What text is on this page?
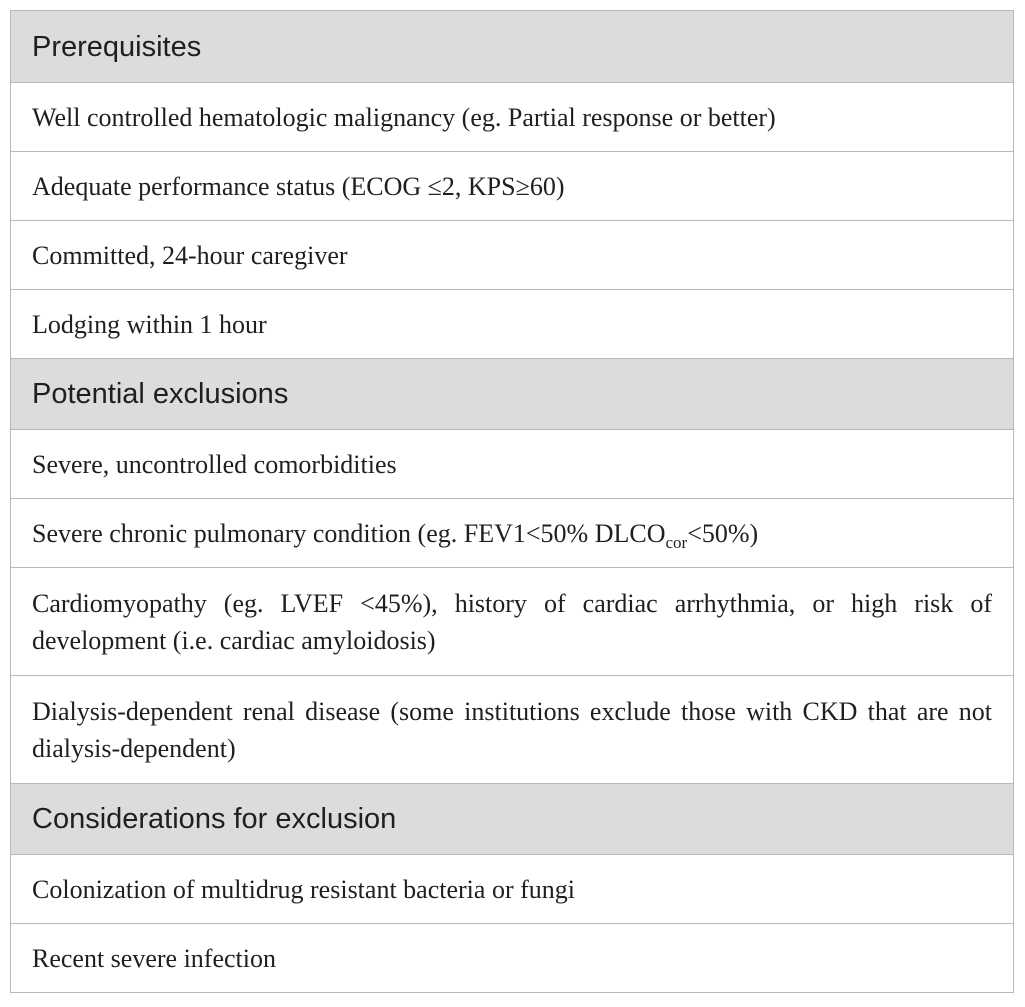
Prerequisites
Well controlled hematologic malignancy (eg. Partial response or better)
Adequate performance status (ECOG ≤2, KPS≥60)
Committed, 24-hour caregiver
Lodging within 1 hour
Potential exclusions
Severe, uncontrolled comorbidities
Severe chronic pulmonary condition (eg. FEV1<50% $DLCO_{cor}<50\%$)
Cardiomyopathy (eg. LVEF <45%), history of cardiac arrhythmia, or high risk of development (i.e. cardiac amyloidosis)
Dialysis-dependent renal disease (some institutions exclude those with CKD that are not dialysis-dependent)
Considerations for exclusion
Colonization of multidrug resistant bacteria or fungi
Recent severe infection
